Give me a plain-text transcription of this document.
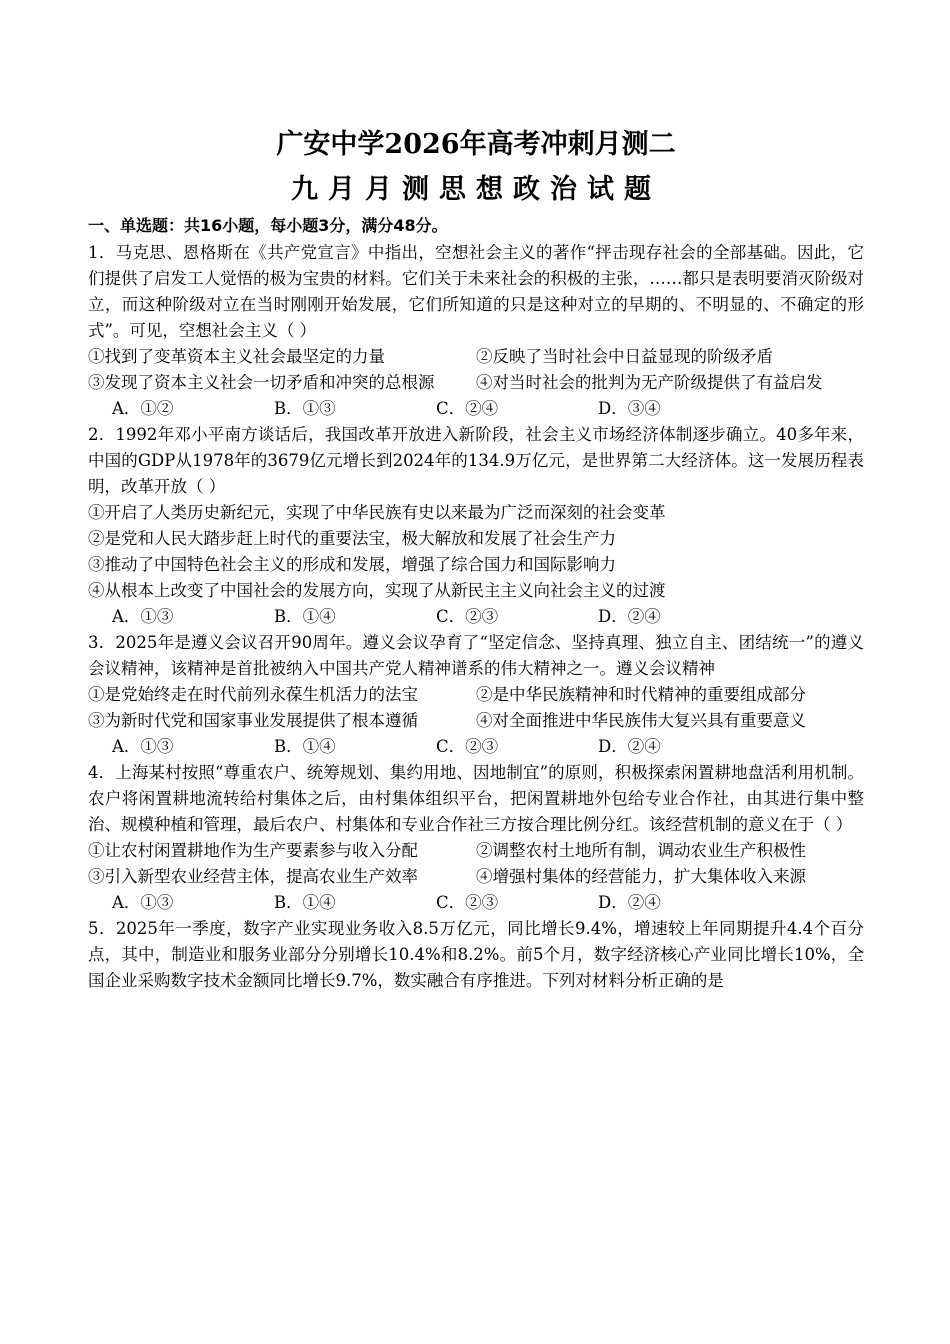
广安中学2026年高考冲刺月测二
九月月测思想政治试题
一、单选题：共16小题，每小题3分，满分48分。

1．马克思、恩格斯在《共产党宣言》中指出，空想社会主义的著作“抨击现存社会的全部基础。因此，它们提供了启发工人觉悟的极为宝贵的材料。它们关于未来社会的积极的主张，……都只是表明要消灭阶级对立，而这种阶级对立在当时刚刚开始发展，它们所知道的只是这种对立的早期的、不明显的、不确定的形式”。可见，空想社会主义（ ）

①找到了变革资本主义社会最坚定的力量	②反映了当时社会中日益显现的阶级矛盾

③发现了资本主义社会一切矛盾和冲突的总根源	④对当时社会的批判为无产阶级提供了有益启发

A．①②	B．①③	C．②④	D．③④

2．1992年邓小平南方谈话后，我国改革开放进入新阶段，社会主义市场经济体制逐步确立。40多年来，中国的GDP从1978年的3679亿元增长到2024年的134.9万亿元，是世界第二大经济体。这一发展历程表明，改革开放（ ）

①开启了人类历史新纪元，实现了中华民族有史以来最为广泛而深刻的社会变革

②是党和人民大踏步赶上时代的重要法宝，极大解放和发展了社会生产力

③推动了中国特色社会主义的形成和发展，增强了综合国力和国际影响力

④从根本上改变了中国社会的发展方向，实现了从新民主主义向社会主义的过渡

A．①③	B．①④	C．②③	D．②④

3．2025年是遵义会议召开90周年。遵义会议孕育了“坚定信念、坚持真理、独立自主、团结统一”的遵义会议精神，该精神是首批被纳入中国共产党人精神谱系的伟大精神之一。遵义会议精神

①是党始终走在时代前列永葆生机活力的法宝	②是中华民族精神和时代精神的重要组成部分

③为新时代党和国家事业发展提供了根本遵循	④对全面推进中华民族伟大复兴具有重要意义

A．①③	B．①④	C．②③	D．②④

4．上海某村按照“尊重农户、统筹规划、集约用地、因地制宜”的原则，积极探索闲置耕地盘活利用机制。农户将闲置耕地流转给村集体之后，由村集体组织平台，把闲置耕地外包给专业合作社，由其进行集中整治、规模种植和管理，最后农户、村集体和专业合作社三方按合理比例分红。该经营机制的意义在于（ ）

①让农村闲置耕地作为生产要素参与收入分配	②调整农村土地所有制，调动农业生产积极性

③引入新型农业经营主体，提高农业生产效率	④增强村集体的经营能力，扩大集体收入来源

A．①③	B．①④	C．②③	D．②④

5．2025年一季度，数字产业实现业务收入8.5万亿元，同比增长9.4%，增速较上年同期提升4.4个百分点，其中，制造业和服务业部分分别增长10.4%和8.2%。前5个月，数字经济核心产业同比增长10%，全国企业采购数字技术金额同比增长9.7%，数实融合有序推进。下列对材料分析正确的是
